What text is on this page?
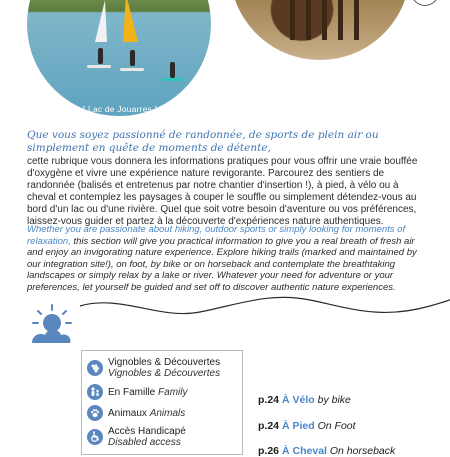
[ Lac de Jouarres ]

Que vous soyez passionné de randonnée, de sports de plein air ou simplement en quête de moments de détente,

cette rubrique vous donnera les informations pratiques pour vous offrir une vraie bouffée d'oxygène et vivre une expérience nature revigorante. Parcourez des sentiers de randonnée (balisés et entretenus par notre chantier d'insertion !), à pied, à vélo ou à cheval et contemplez les paysages à couper le souffle ou simplement détendez-vous au bord d'un lac ou d'une rivière. Quel que soit votre besoin d'aventure ou vos préférences, laissez-vous guider et partez à la découverte d'expériences nature authentiques.

Whether you are passionate about hiking, outdoor sports or simply looking for moments of relaxation, this section will give you practical information to give you a real breath of fresh air and enjoy an invigorating nature experience. Explore hiking trails (marked and maintained by our integration site!), on foot, by bike or on horseback and contemplate the breathtaking landscapes or simply relax by a lake or river. Whatever your need for adventure or your preferences, let yourself be guided and set off to discover authentic nature experiences.

Vignobles & Découvertes
Vignobles & Découvertes
En Famille Family
Animaux Animals
Accès Handicapé
Disabled access
p.24 À Vélo by bike
p.24 À Pied On Foot
p.26 À Cheval On horseback
